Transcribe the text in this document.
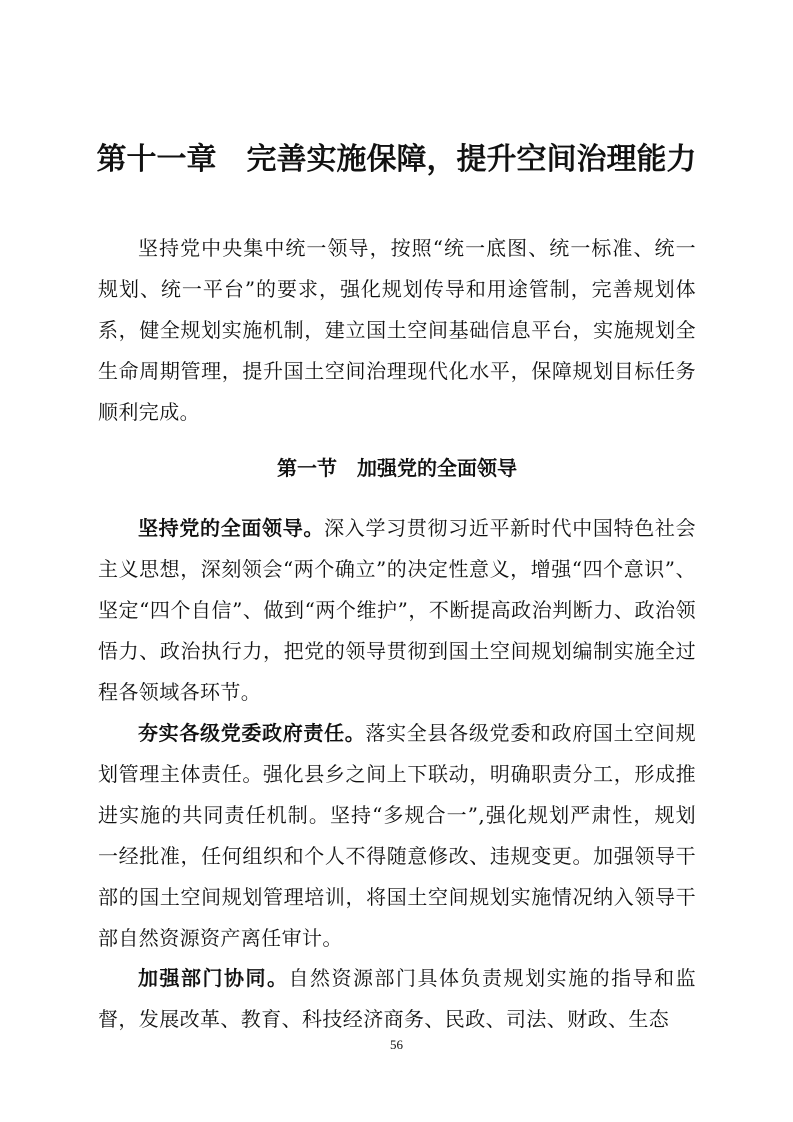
第十一章　完善实施保障，提升空间治理能力

坚持党中央集中统一领导，按照“统一底图、统一标准、统一规划、统一平台”的要求，强化规划传导和用途管制，完善规划体系，健全规划实施机制，建立国土空间基础信息平台，实施规划全生命周期管理，提升国土空间治理现代化水平，保障规划目标任务顺利完成。

第一节　加强党的全面领导

坚持党的全面领导。深入学习贯彻习近平新时代中国特色社会主义思想，深刻领会“两个确立”的决定性意义，增强“四个意识”、坚定“四个自信”、做到“两个维护”，不断提高政治判断力、政治领悟力、政治执行力，把党的领导贯彻到国土空间规划编制实施全过程各领域各环节。

夯实各级党委政府责任。落实全县各级党委和政府国土空间规划管理主体责任。强化县乡之间上下联动，明确职责分工，形成推进实施的共同责任机制。坚持“多规合一”,强化规划严肃性，规划一经批准，任何组织和个人不得随意修改、违规变更。加强领导干部的国土空间规划管理培训，将国土空间规划实施情况纳入领导干部自然资源资产离任审计。

加强部门协同。自然资源部门具体负责规划实施的指导和监督，发展改革、教育、科技经济商务、民政、司法、财政、生态

56
